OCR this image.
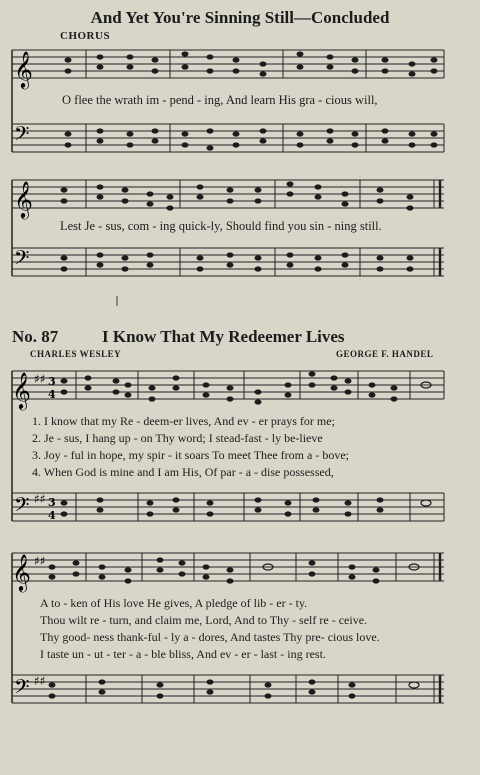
And Yet You're Sinning Still—Concluded
CHORUS
𝄞
𝄢
O flee the wrath im - pend - ing, And learn His gra - cious will,
𝄞
𝄢
Lest Je - sus, com - ing quick-ly, Should find you sin - ning still.
No. 87	I Know That My Redeemer Lives
CHARLES WESLEY	GEORGE F. HANDEL
𝄞 ♯♯ 3
4
𝄢 ♯♯ 3
4
1. I know that my Re - deem-er lives, And ev - er prays for me;
2. Je - sus, I hang up - on Thy word; I stead-fast - ly be-lieve
3. Joy - ful in hope, my spir - it soars To meet Thee from a - bove;
4. When God is mine and I am His, Of par - a - dise possessed,
𝄞 ♯♯
𝄢 ♯♯
A to - ken of His love He gives, A pledge of lib - er - ty.
Thou wilt re - turn, and claim me, Lord, And to Thy - self re - ceive.
Thy good- ness thank-ful - ly a - dores, And tastes Thy pre- cious love.
I taste un - ut - ter - a - ble bliss, And ev - er - last - ing rest.
